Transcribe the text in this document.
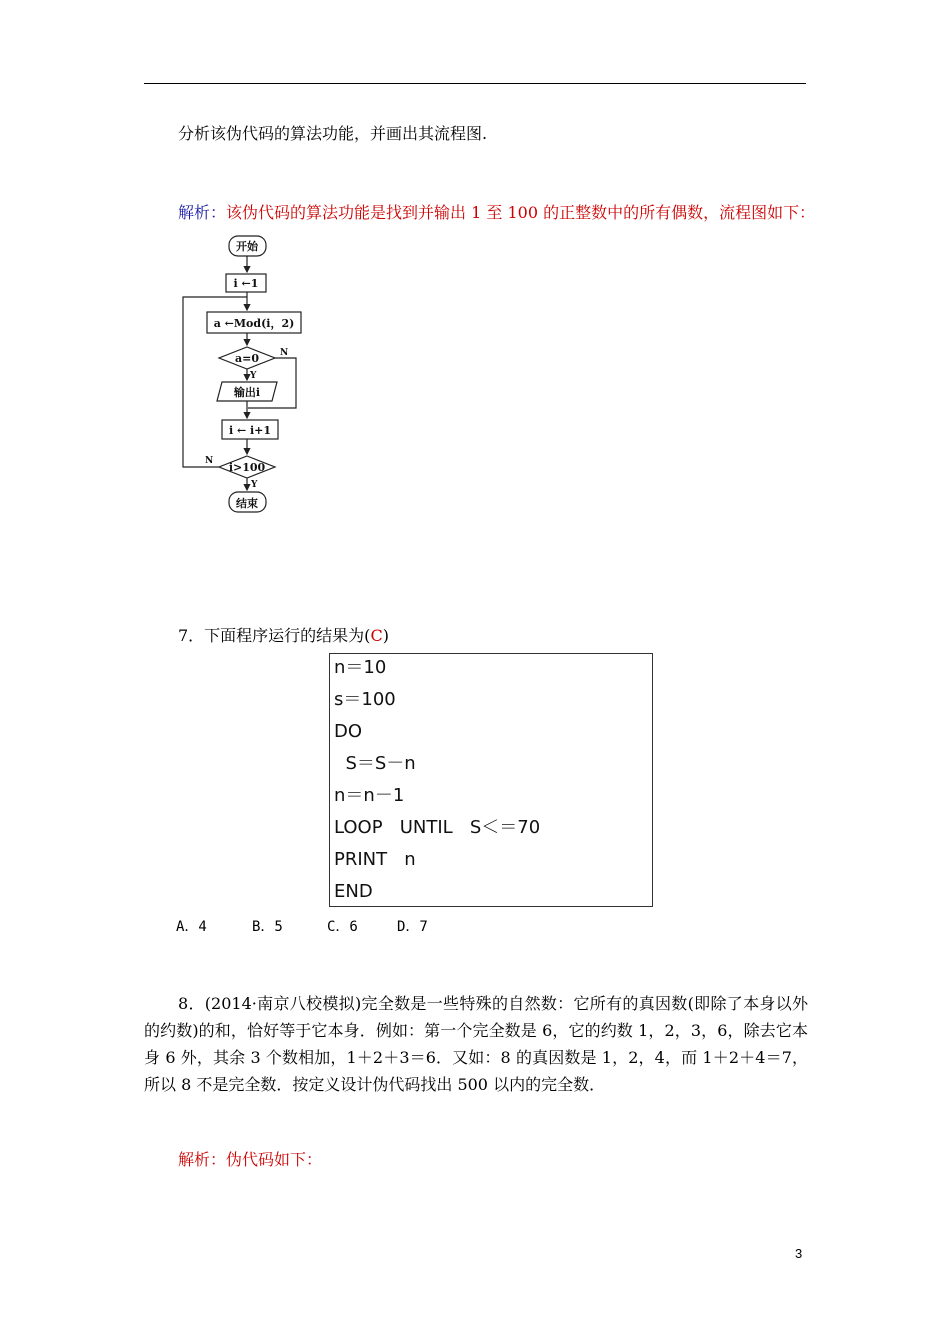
分析该伪代码的算法功能，并画出其流程图.
解析：该伪代码的算法功能是找到并输出 1 至 100 的正整数中的所有偶数，流程图如下：
开始
i ←1
a ←Mod(i，2)
a=0 N
Y
输出i
i ← i+1
i>100
N
Y
结束
7．下面程序运行的结果为(C)
n＝10
s＝100
DO
S＝S－n
n＝n－1
LOOP   UNTIL   S＜＝70
PRINT   n
END
A．4	B．5	C．6	D．7
8．(2014·南京八校模拟)完全数是一些特殊的自然数：它所有的真因数(即除了本身以外的约数)的和，恰好等于它本身．例如：第一个完全数是 6，它的约数 1，2，3，6，除去它本身 6 外，其余 3 个数相加，1＋2＋3＝6．又如：8 的真因数是 1，2，4，而 1＋2＋4＝7，所以 8 不是完全数．按定义设计伪代码找出 500 以内的完全数．
解析：伪代码如下：
3
